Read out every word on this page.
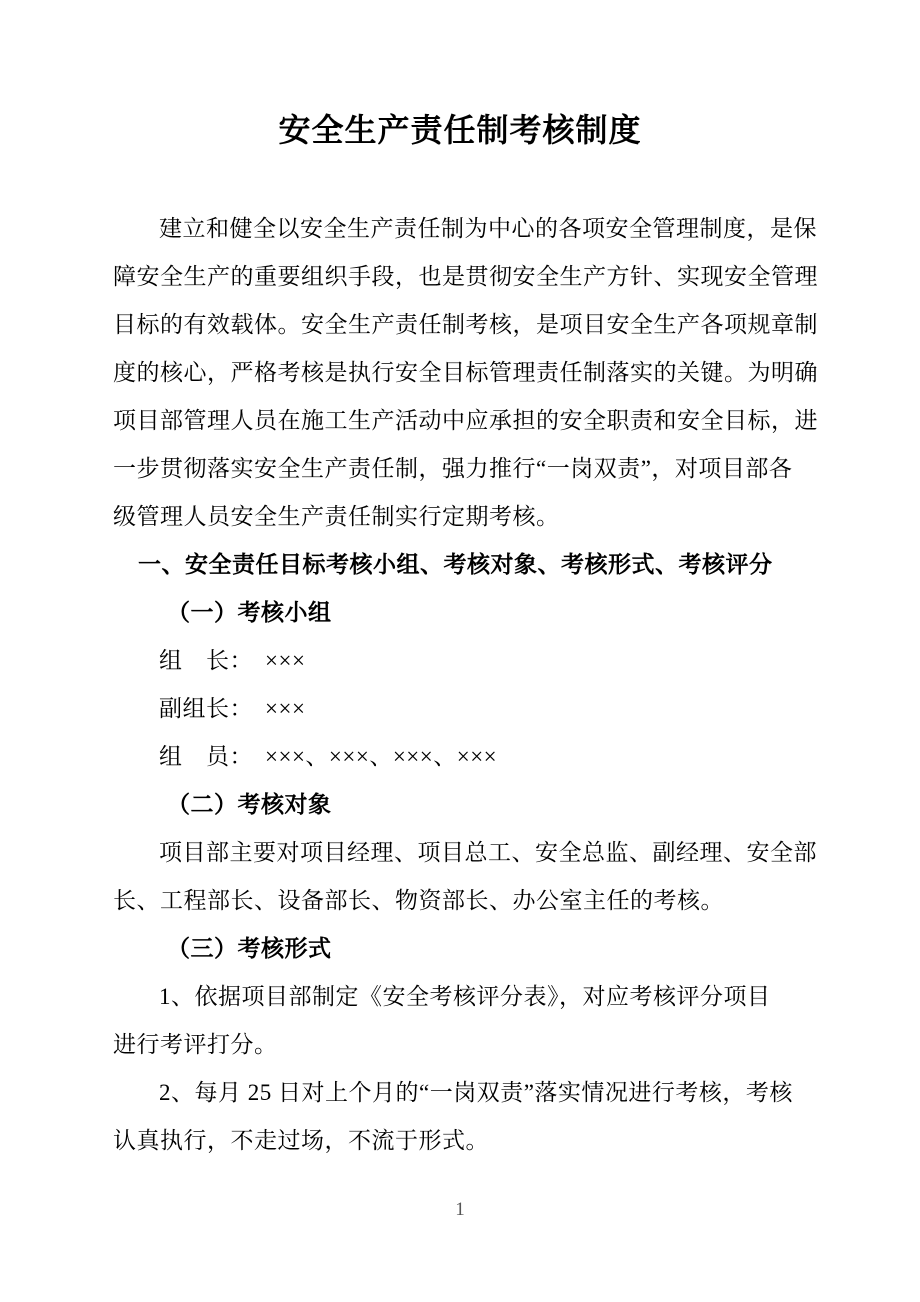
安全生产责任制考核制度
建立和健全以安全生产责任制为中心的各项安全管理制度，是保
障安全生产的重要组织手段，也是贯彻安全生产方针、实现安全管理
目标的有效载体。安全生产责任制考核，是项目安全生产各项规章制
度的核心，严格考核是执行安全目标管理责任制落实的关键。为明确
项目部管理人员在施工生产活动中应承担的安全职责和安全目标，进
一步贯彻落实安全生产责任制，强力推行“一岗双责”，对项目部各
级管理人员安全生产责任制实行定期考核。
一、安全责任目标考核小组、考核对象、考核形式、考核评分
（一）考核小组
组　长：　×××
副组长：　×××
组　员：　×××、×××、×××、×××
（二）考核对象
项目部主要对项目经理、项目总工、安全总监、副经理、安全部
长、工程部长、设备部长、物资部长、办公室主任的考核。
（三）考核形式
1、依据项目部制定《安全考核评分表》，对应考核评分项目
进行考评打分。
2、每月 25 日对上个月的“一岗双责”落实情况进行考核，考核
认真执行，不走过场，不流于形式。
1
